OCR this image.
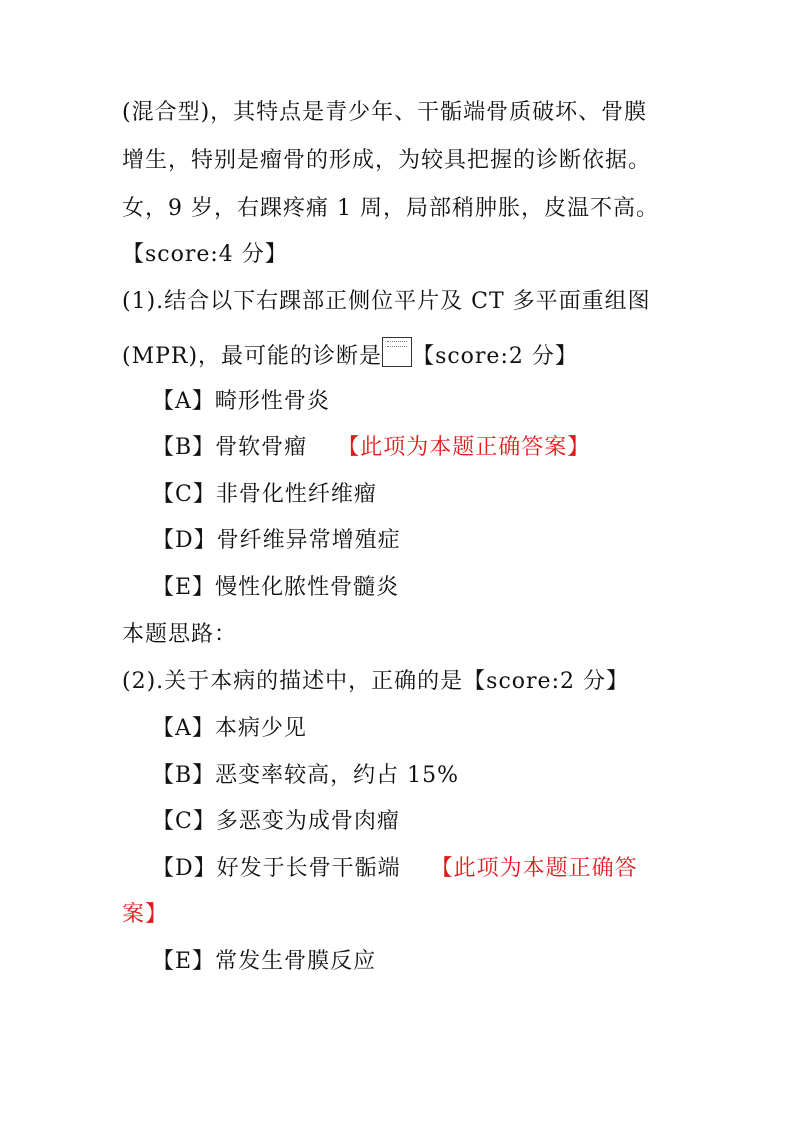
(混合型)，其特点是青少年、干骺端骨质破坏、骨膜
增生，特别是瘤骨的形成，为较具把握的诊断依据。
女，9 岁，右踝疼痛 1 周，局部稍肿胀，皮温不高。
【score:4 分】
(1).结合以下右踝部正侧位平片及 CT 多平面重组图
(MPR)，最可能的诊断是 【score:2 分】
【A】畸形性骨炎
【B】骨软骨瘤 【此项为本题正确答案】
【C】非骨化性纤维瘤
【D】骨纤维异常增殖症
【E】慢性化脓性骨髓炎
本题思路：
(2).关于本病的描述中，正确的是【score:2 分】
【A】本病少见
【B】恶变率较高，约占 15%
【C】多恶变为成骨肉瘤
【D】好发于长骨干骺端 【此项为本题正确答
案】
【E】常发生骨膜反应
